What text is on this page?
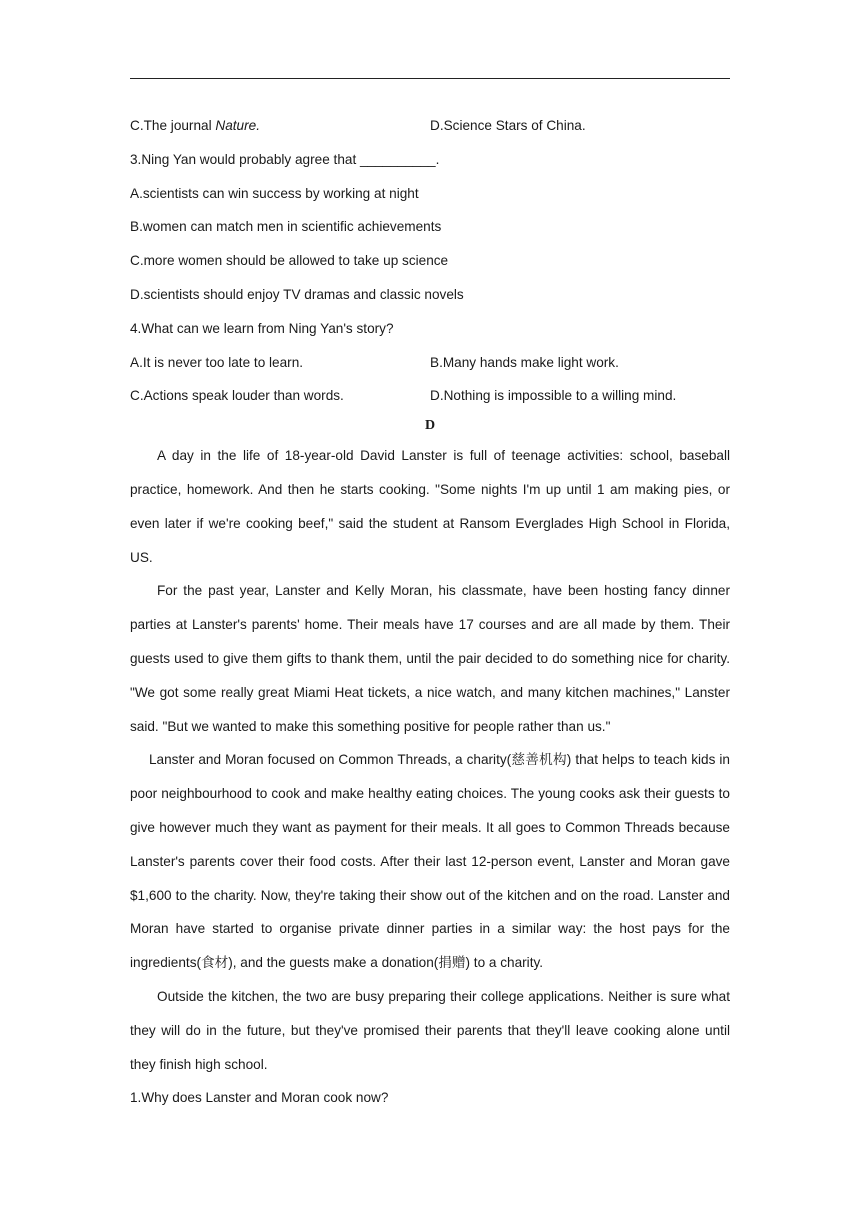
C.The journal Nature.	D.Science Stars of China.
3.Ning Yan would probably agree that __________.
A.scientists can win success by working at night
B.women can match men in scientific achievements
C.more women should be allowed to take up science
D.scientists should enjoy TV dramas and classic novels
4.What can we learn from Ning Yan's story?
A.It is never too late to learn.	B.Many hands make light work.
C.Actions speak louder than words.	D.Nothing is impossible to a willing mind.
D

A day in the life of 18-year-old David Lanster is full of teenage activities: school, baseball practice, homework. And then he starts cooking. "Some nights I'm up until 1 am making pies, or even later if we're cooking beef," said the student at Ransom Everglades High School in Florida, US.

For the past year, Lanster and Kelly Moran, his classmate, have been hosting fancy dinner parties at Lanster's parents' home. Their meals have 17 courses and are all made by them. Their guests used to give them gifts to thank them, until the pair decided to do something nice for charity. "We got some really great Miami Heat tickets, a nice watch, and many kitchen machines," Lanster said. "But we wanted to make this something positive for people rather than us."

Lanster and Moran focused on Common Threads, a charity(慈善机构) that helps to teach kids in poor neighbourhood to cook and make healthy eating choices. The young cooks ask their guests to give however much they want as payment for their meals. It all goes to Common Threads because Lanster's parents cover their food costs. After their last 12-person event, Lanster and Moran gave $1,600 to the charity. Now, they're taking their show out of the kitchen and on the road. Lanster and Moran have started to organise private dinner parties in a similar way: the host pays for the ingredients(食材), and the guests make a donation(捐赠) to a charity.

Outside the kitchen, the two are busy preparing their college applications. Neither is sure what they will do in the future, but they've promised their parents that they'll leave cooking alone until they finish high school.

1.Why does Lanster and Moran cook now?
